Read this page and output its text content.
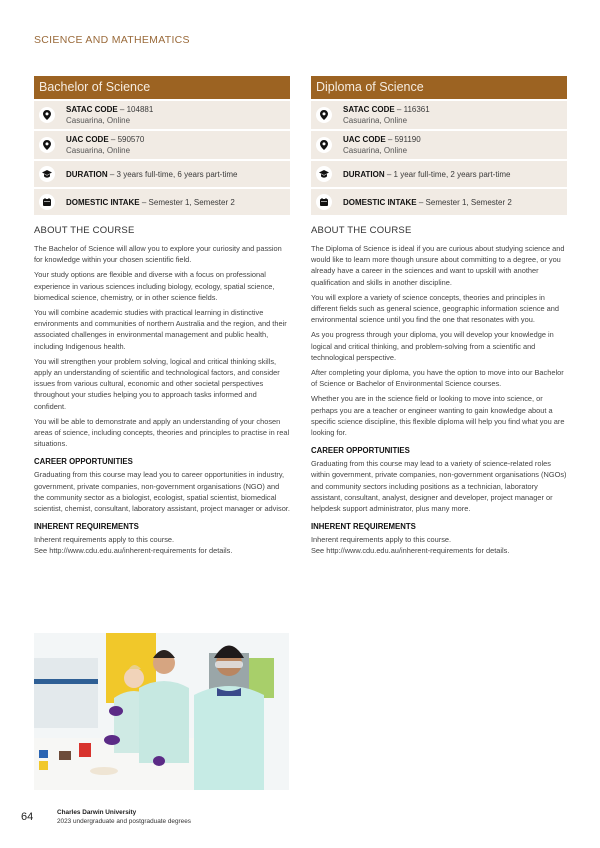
SCIENCE AND MATHEMATICS
Bachelor of Science
SATAC CODE – 104881
Casuarina, Online
UAC CODE – 590570
Casuarina, Online
DURATION – 3 years full-time, 6 years part-time
DOMESTIC INTAKE – Semester 1, Semester 2
ABOUT THE COURSE

The Bachelor of Science will allow you to explore your curiosity and passion for knowledge within your chosen scientific field.

Your study options are flexible and diverse with a focus on professional experience in various sciences including biology, ecology, spatial science, biomedical science, chemistry, or in other science fields.

You will combine academic studies with practical learning in distinctive environments and communities of northern Australia and the region, and their associated challenges in environmental management and public health, including Indigenous health.

You will strengthen your problem solving, logical and critical thinking skills, apply an understanding of scientific and technological factors, and consider issues from various cultural, economic and other societal perspectives throughout your studies helping you to approach tasks informed and confident.

You will be able to demonstrate and apply an understanding of your chosen areas of science, including concepts, theories and principles to practise in real situations.

CAREER OPPORTUNITIES

Graduating from this course may lead you to career opportunities in industry, government, private companies, non-government organisations (NGO) and the community sector as a biologist, ecologist, spatial scientist, biomedical scientist, chemist, consultant, laboratory assistant, project manager or advisor.

INHERENT REQUIREMENTS

Inherent requirements apply to this course.

See http://www.cdu.edu.au/inherent-requirements for details.

Diploma of Science
SATAC CODE – 116361
Casuarina, Online
UAC CODE – 591190
Casuarina, Online
DURATION – 1 year full-time, 2 years part-time
DOMESTIC INTAKE – Semester 1, Semester 2
ABOUT THE COURSE

The Diploma of Science is ideal if you are curious about studying science and would like to learn more though unsure about committing to a degree, or you already have a career in the sciences and want to upskill with another qualification and skills in another discipline.

You will explore a variety of science concepts, theories and principles in different fields such as general science, geographic information science and environmental science until you find the one that resonates with you.

As you progress through your diploma, you will develop your knowledge in logical and critical thinking, and problem-solving from a scientific and technological perspective.

After completing your diploma, you have the option to move into our Bachelor of Science or Bachelor of Environmental Science courses.

Whether you are in the science field or looking to move into science, or perhaps you are a teacher or engineer wanting to gain knowledge about a specific science discipline, this flexible diploma will help you find what you are looking for.

CAREER OPPORTUNITIES

Graduating from this course may lead to a variety of science-related roles within government, private companies, non-government organisations (NGOs) and community sectors including positions as a technician, laboratory assistant, consultant, analyst, designer and developer, project manager or helpdesk support administrator, plus many more.

INHERENT REQUIREMENTS

Inherent requirements apply to this course.

See http://www.cdu.edu.au/inherent-requirements for details.

64	Charles Darwin University
2023 undergraduate and postgraduate degrees
